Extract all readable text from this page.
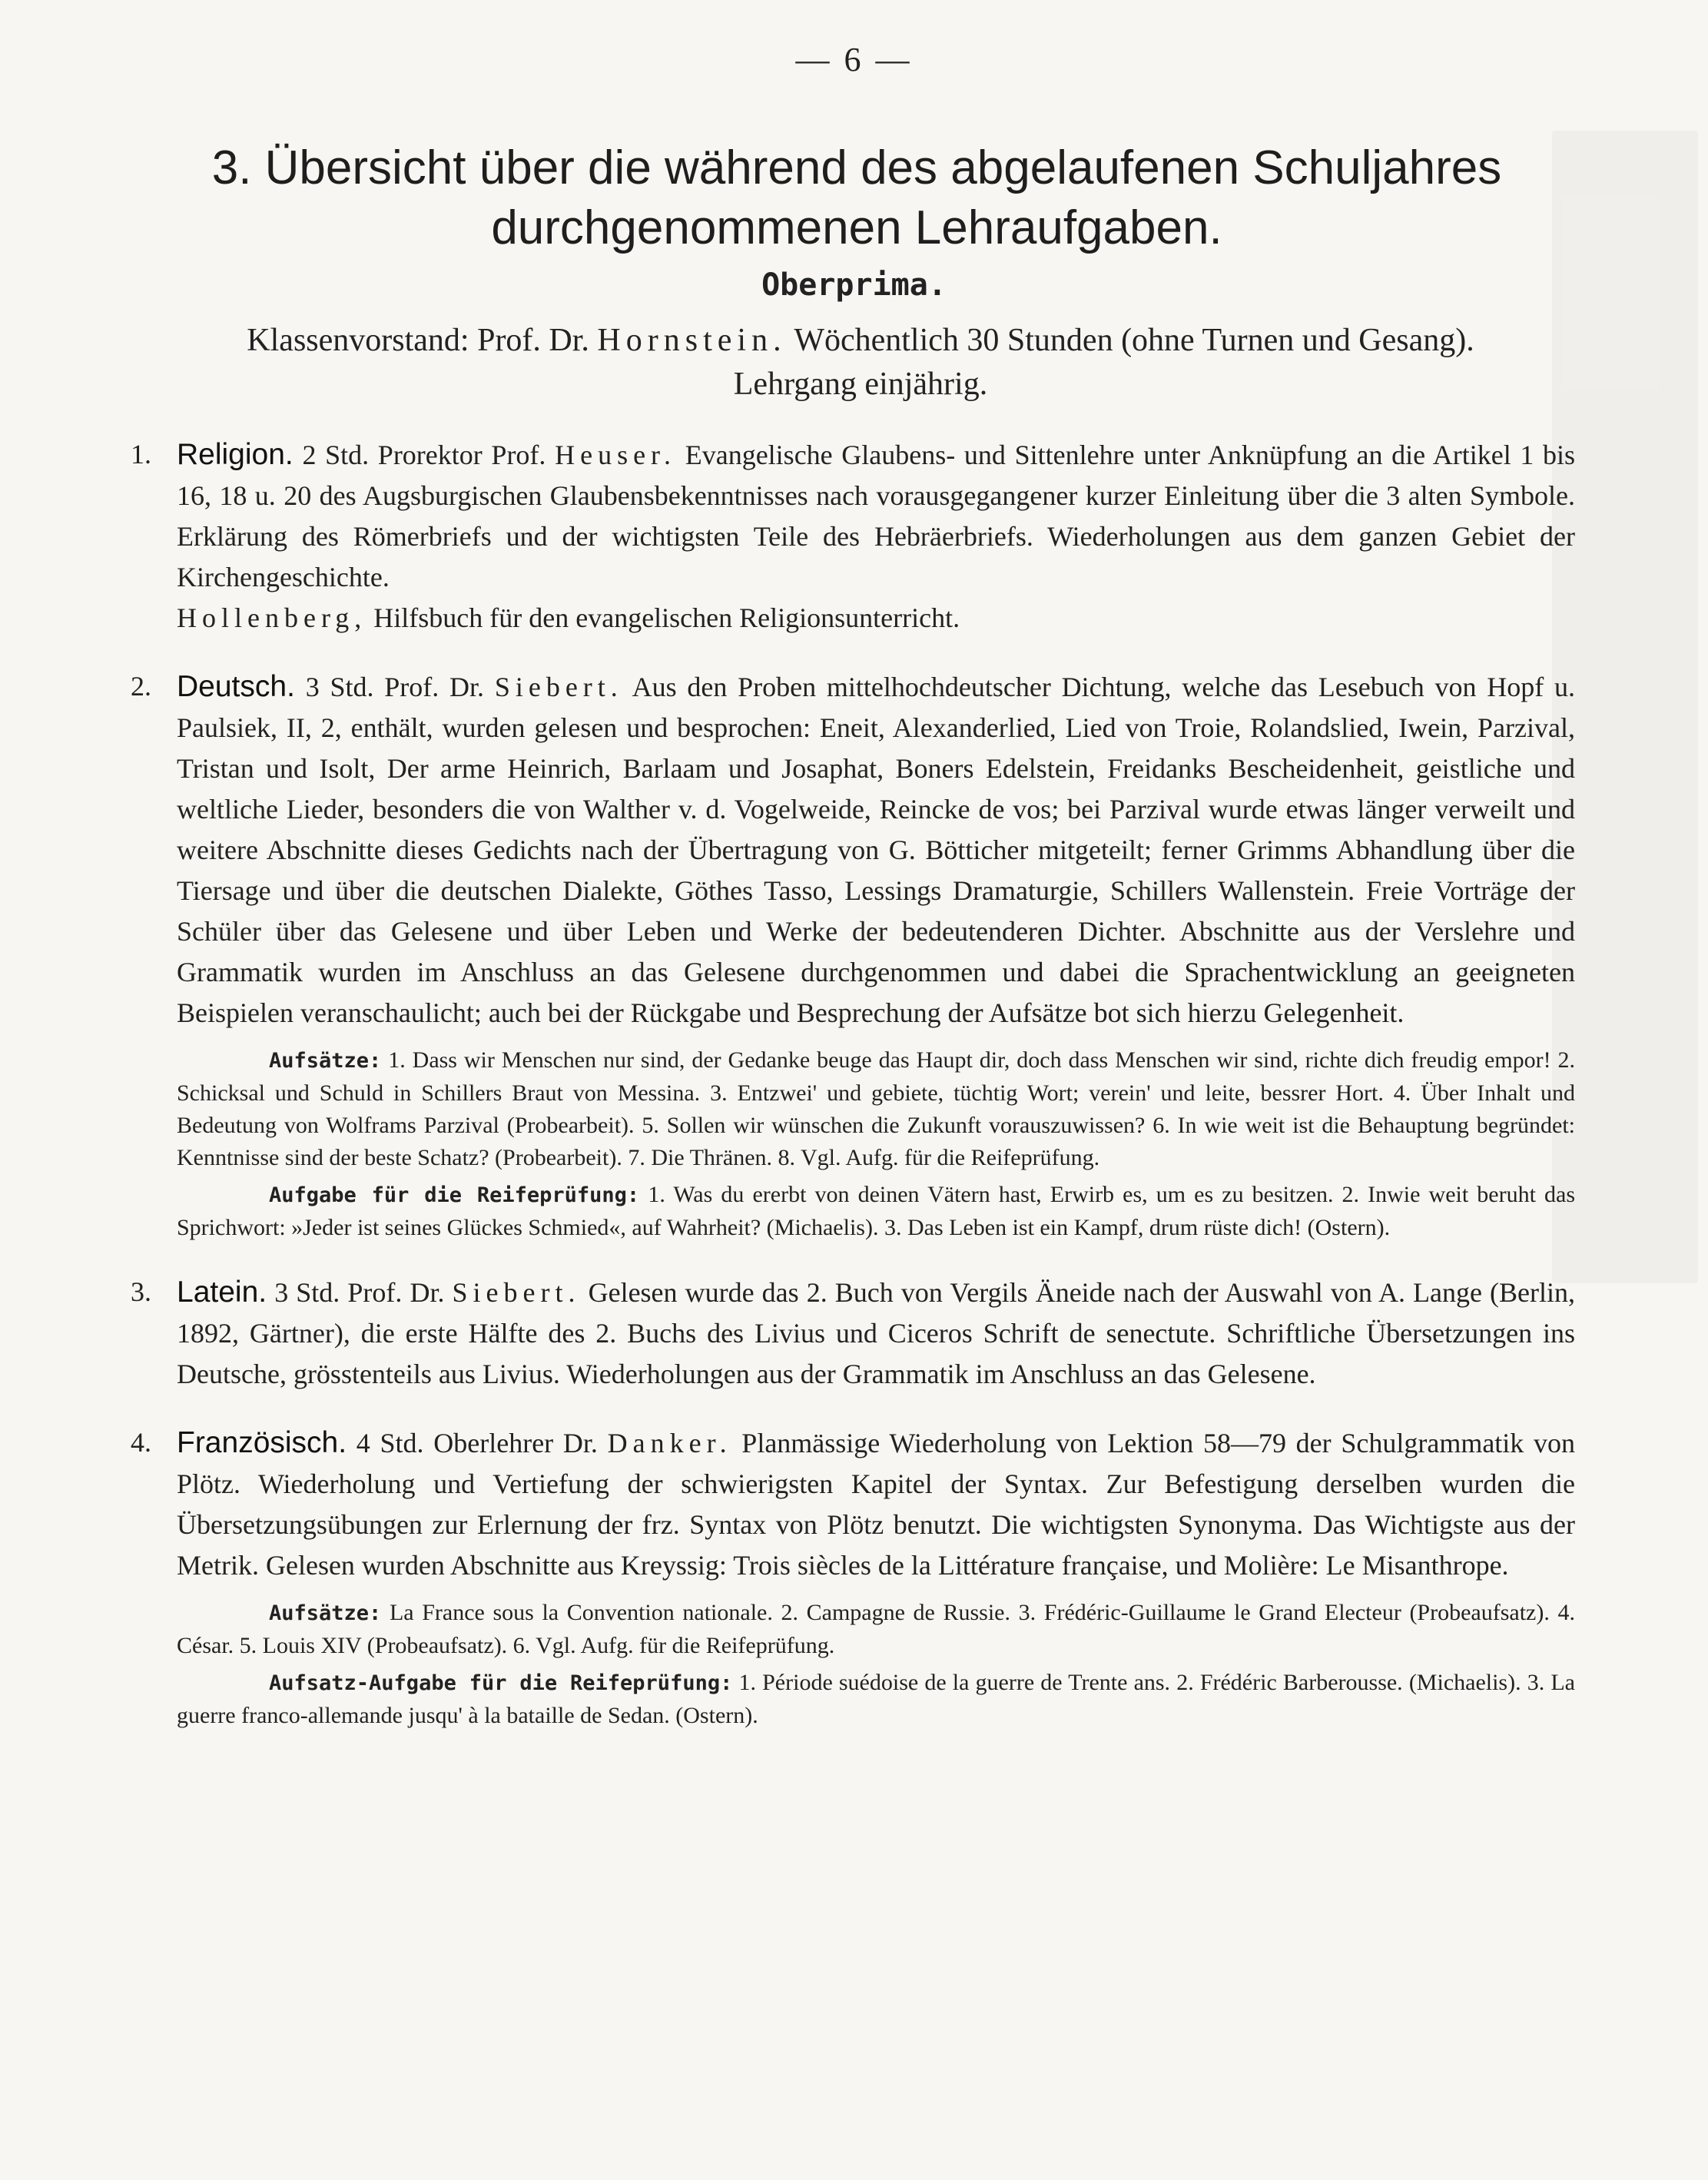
— 6 —
3. Übersicht über die während des abgelaufenen Schuljahres
durchgenommenen Lehraufgaben.
Oberprima.
Klassenvorstand: Prof. Dr. Hornstein. Wöchentlich 30 Stunden (ohne Turnen und Gesang).
Lehrgang einjährig.
1. Religion. 2 Std. Prorektor Prof. Heuser. Evangelische Glaubens- und Sittenlehre unter Anknüpfung an die Artikel 1 bis 16, 18 u. 20 des Augsburgischen Glaubensbekenntnisses nach vorausgegangener kurzer Einleitung über die 3 alten Symbole. Erklärung des Römerbriefs und der wichtigsten Teile des Hebräerbriefs. Wiederholungen aus dem ganzen Gebiet der Kirchengeschichte.
Hollenberg, Hilfsbuch für den evangelischen Religionsunterricht.
2. Deutsch. 3 Std. Prof. Dr. Siebert. Aus den Proben mittelhochdeutscher Dichtung, welche das Lesebuch von Hopf u. Paulsiek, II, 2, enthält, wurden gelesen und besprochen: Eneit, Alexanderlied, Lied von Troie, Rolandslied, Iwein, Parzival, Tristan und Isolt, Der arme Heinrich, Barlaam und Josaphat, Boners Edelstein, Freidanks Bescheidenheit, geistliche und weltliche Lieder, besonders die von Walther v. d. Vogelweide, Reincke de vos; bei Parzival wurde etwas länger verweilt und weitere Abschnitte dieses Gedichts nach der Übertragung von G. Bötticher mitgeteilt; ferner Grimms Abhandlung über die Tiersage und über die deutschen Dialekte, Göthes Tasso, Lessings Dramaturgie, Schillers Wallenstein. Freie Vorträge der Schüler über das Gelesene und über Leben und Werke der bedeutenderen Dichter. Abschnitte aus der Verslehre und Grammatik wurden im Anschluss an das Gelesene durchgenommen und dabei die Sprachentwicklung an geeigneten Beispielen veranschaulicht; auch bei der Rückgabe und Besprechung der Aufsätze bot sich hierzu Gelegenheit.

Aufsätze: 1. Dass wir Menschen nur sind, der Gedanke beuge das Haupt dir, doch dass Menschen wir sind, richte dich freudig empor! 2. Schicksal und Schuld in Schillers Braut von Messina. 3. Entzwei' und gebiete, tüchtig Wort; verein' und leite, bessrer Hort. 4. Über Inhalt und Bedeutung von Wolframs Parzival (Probearbeit). 5. Sollen wir wünschen die Zukunft vorauszuwissen? 6. In wie weit ist die Behauptung begründet: Kenntnisse sind der beste Schatz? (Probearbeit). 7. Die Thränen. 8. Vgl. Aufg. für die Reifeprüfung.

Aufgabe für die Reifeprüfung: 1. Was du ererbt von deinen Vätern hast, Erwirb es, um es zu besitzen. 2. Inwie weit beruht das Sprichwort: »Jeder ist seines Glückes Schmied«, auf Wahrheit? (Michaelis). 3. Das Leben ist ein Kampf, drum rüste dich! (Ostern).

3. Latein. 3 Std. Prof. Dr. Siebert. Gelesen wurde das 2. Buch von Vergils Äneide nach der Auswahl von A. Lange (Berlin, 1892, Gärtner), die erste Hälfte des 2. Buchs des Livius und Ciceros Schrift de senectute. Schriftliche Übersetzungen ins Deutsche, grösstenteils aus Livius. Wiederholungen aus der Grammatik im Anschluss an das Gelesene.
4. Französisch. 4 Std. Oberlehrer Dr. Danker. Planmässige Wiederholung von Lektion 58—79 der Schulgrammatik von Plötz. Wiederholung und Vertiefung der schwierigsten Kapitel der Syntax. Zur Befestigung derselben wurden die Übersetzungsübungen zur Erlernung der frz. Syntax von Plötz benutzt. Die wichtigsten Synonyma. Das Wichtigste aus der Metrik. Gelesen wurden Abschnitte aus Kreyssig: Trois siècles de la Littérature française, und Molière: Le Misanthrope.

Aufsätze: La France sous la Convention nationale. 2. Campagne de Russie. 3. Frédéric-Guillaume le Grand Electeur (Probeaufsatz). 4. César. 5. Louis XIV (Probeaufsatz). 6. Vgl. Aufg. für die Reifeprüfung.

Aufsatz-Aufgabe für die Reifeprüfung: 1. Période suédoise de la guerre de Trente ans. 2. Frédéric Barberousse. (Michaelis). 3. La guerre franco-allemande jusqu' à la bataille de Sedan. (Ostern).
